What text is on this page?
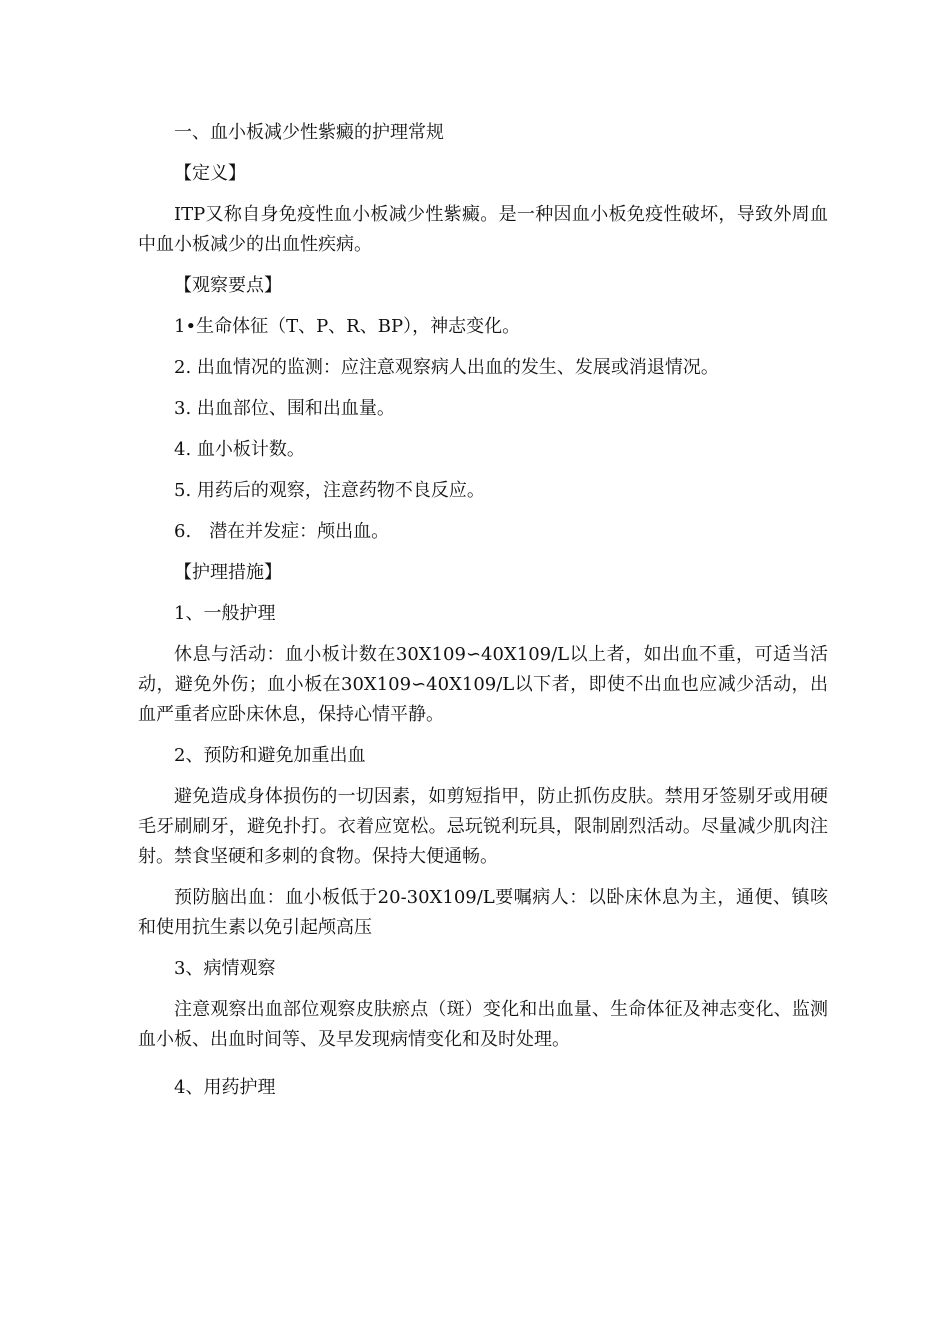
一、血小板减少性紫癜的护理常规

【定义】

ITP又称自身免疫性血小板减少性紫癜。是一种因血小板免疫性破坏，导致外周血中血小板减少的出血性疾病。

【观察要点】

1•生命体征（T、P、R、BP），神志变化。

2. 出血情况的监测：应注意观察病人出血的发生、发展或消退情况。

3. 出血部位、围和出血量。

4. 血小板计数。

5. 用药后的观察，注意药物不良反应。

6.　潜在并发症：颅出血。

【护理措施】

1、一般护理

休息与活动：血小板计数在30X109∽40X109/L以上者，如出血不重，可适当活动，避免外伤；血小板在30X109∽40X109/L以下者，即使不出血也应减少活动，出血严重者应卧床休息，保持心情平静。

2、预防和避免加重出血

避免造成身体损伤的一切因素，如剪短指甲，防止抓伤皮肤。禁用牙签剔牙或用硬毛牙刷刷牙，避免扑打。衣着应宽松。忌玩锐利玩具，限制剧烈活动。尽量减少肌肉注射。禁食坚硬和多刺的食物。保持大便通畅。

预防脑出血：血小板低于20-30X109/L要嘱病人：以卧床休息为主，通便、镇咳和使用抗生素以免引起颅高压

3、病情观察

注意观察出血部位观察皮肤瘀点（斑）变化和出血量、生命体征及神志变化、监测血小板、出血时间等、及早发现病情变化和及时处理。

4、用药护理
